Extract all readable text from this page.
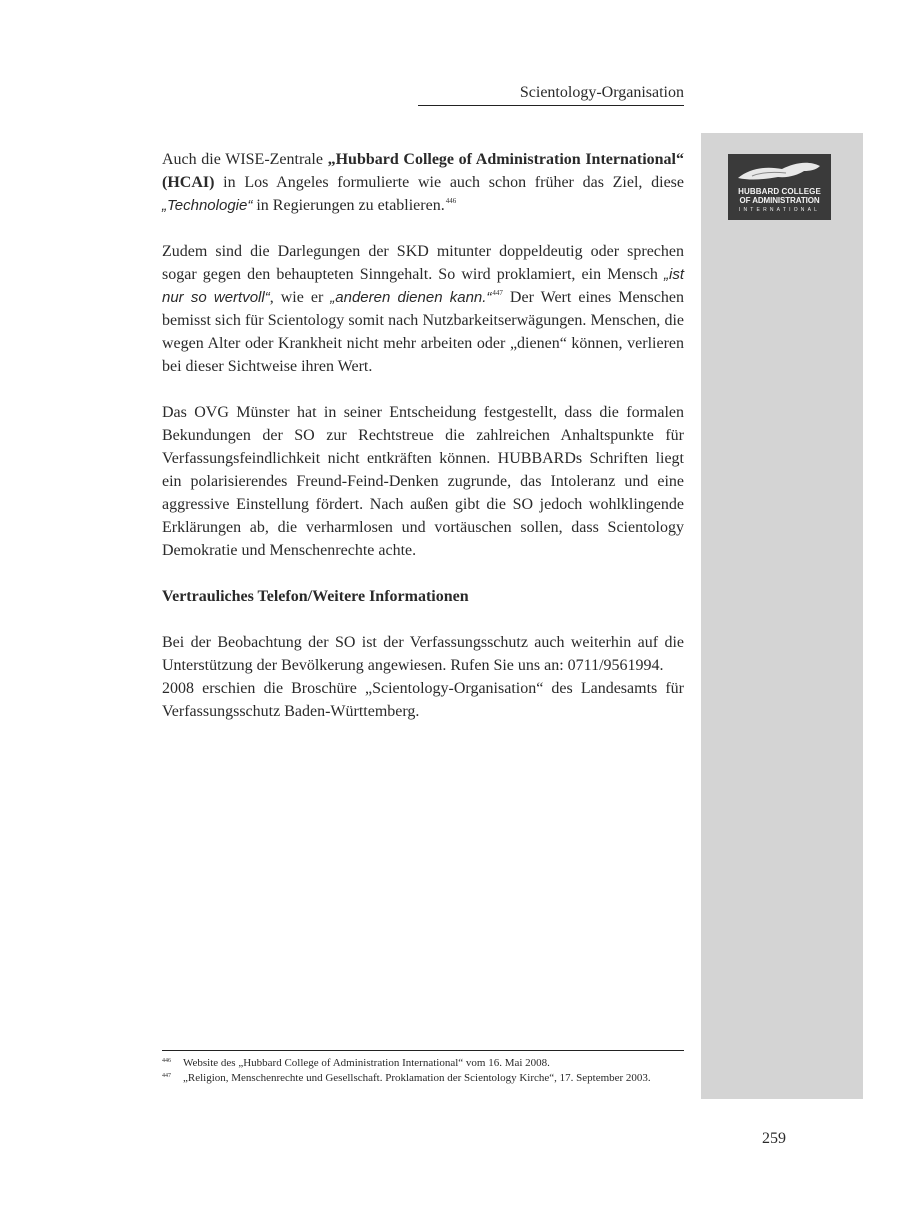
Scientology-Organisation
HUBBARD COLLEGE
OF ADMINISTRATION
INTERNATIONAL

Auch die WISE-Zentrale „Hubbard College of Administration International“ (HCAI) in Los Angeles formulierte wie auch schon früher das Ziel, diese „Technologie“ in Regierungen zu etablieren.$^{446}$

Zudem sind die Darlegungen der SKD mitunter doppeldeutig oder sprechen sogar gegen den behaupteten Sinngehalt. So wird proklamiert, ein Mensch „ist nur so wertvoll“, wie er „anderen dienen kann.“$^{447}$ Der Wert eines Menschen bemisst sich für Scientology somit nach Nutzbarkeitserwägungen. Menschen, die wegen Alter oder Krankheit nicht mehr arbeiten oder „dienen“ können, verlieren bei dieser Sichtweise ihren Wert.

Das OVG Münster hat in seiner Entscheidung festgestellt, dass die formalen Bekundungen der SO zur Rechtstreue die zahlreichen Anhaltspunkte für Verfassungsfeindlichkeit nicht entkräften können. HUBBARDs Schriften liegt ein polarisierendes Freund-Feind-Denken zugrunde, das Intoleranz und eine aggressive Einstellung fördert. Nach außen gibt die SO jedoch wohlklingende Erklärungen ab, die verharmlosen und vortäuschen sollen, dass Scientology Demokratie und Menschenrechte achte.

Vertrauliches Telefon/Weitere Informationen

Bei der Beobachtung der SO ist der Verfassungsschutz auch weiterhin auf die Unterstützung der Bevölkerung angewiesen. Rufen Sie uns an: 0711/9561994.

2008 erschien die Broschüre „Scientology-Organisation“ des Landesamts für Verfassungsschutz Baden-Württemberg.

446 Website des „Hubbard College of Administration International“ vom 16. Mai 2008.
447 „Religion, Menschenrechte und Gesellschaft. Proklamation der Scientology Kirche“, 17. September 2003.
259
